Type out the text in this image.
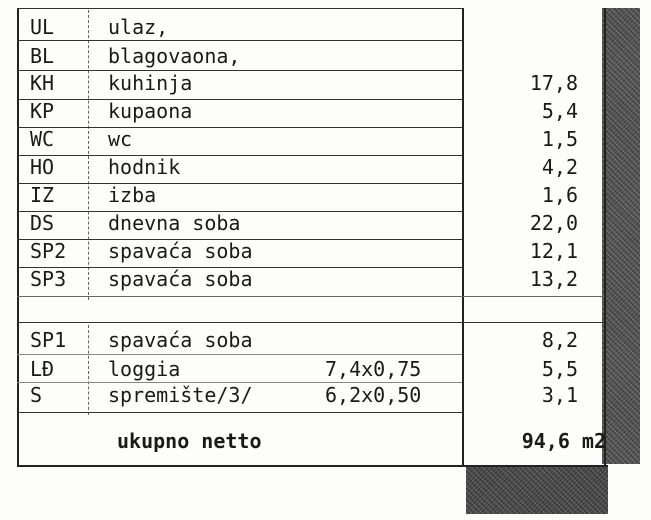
UL	ulaz,
BL	blagovaona,
KH	kuhinja	17,8
KP	kupaona	5,4
WC	wc	1,5
HO	hodnik	4,2
IZ	izba	1,6
DS	dnevna soba	22,0
SP2 spavaća soba	12,1
SP3 spavaća soba	13,2
SP1 spavaća soba	8,2
LĐ	loggia	7,4x0,75	5,5
S	spremište/3/	6,2x0,50	3,1
ukupno netto	94,6 m2
